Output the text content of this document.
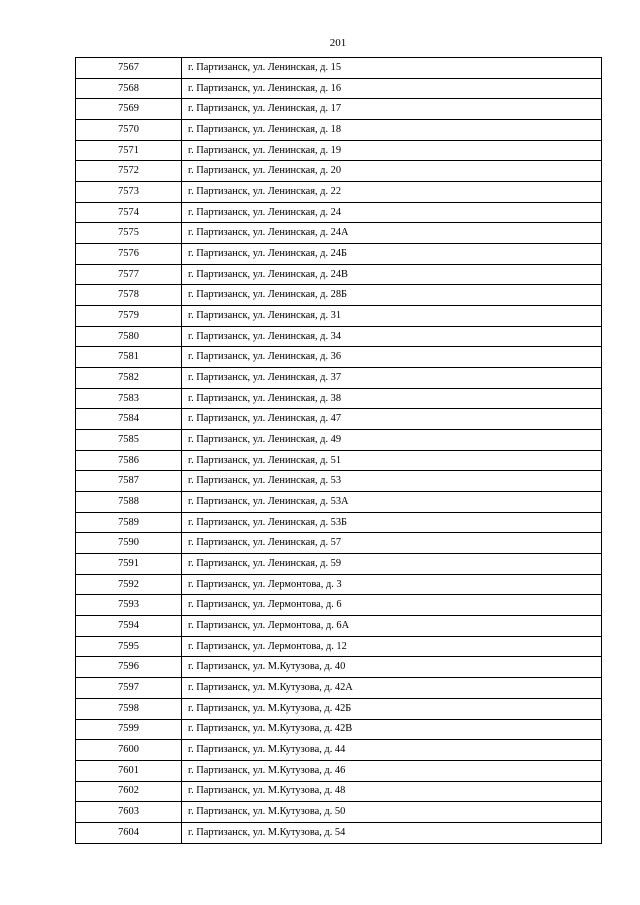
201
7567	г. Партизанск, ул. Ленинская, д. 15
7568	г. Партизанск, ул. Ленинская, д. 16
7569	г. Партизанск, ул. Ленинская, д. 17
7570	г. Партизанск, ул. Ленинская, д. 18
7571	г. Партизанск, ул. Ленинская, д. 19
7572	г. Партизанск, ул. Ленинская, д. 20
7573	г. Партизанск, ул. Ленинская, д. 22
7574	г. Партизанск, ул. Ленинская, д. 24
7575	г. Партизанск, ул. Ленинская, д. 24А
7576	г. Партизанск, ул. Ленинская, д. 24Б
7577	г. Партизанск, ул. Ленинская, д. 24В
7578	г. Партизанск, ул. Ленинская, д. 28Б
7579	г. Партизанск, ул. Ленинская, д. 31
7580	г. Партизанск, ул. Ленинская, д. 34
7581	г. Партизанск, ул. Ленинская, д. 36
7582	г. Партизанск, ул. Ленинская, д. 37
7583	г. Партизанск, ул. Ленинская, д. 38
7584	г. Партизанск, ул. Ленинская, д. 47
7585	г. Партизанск, ул. Ленинская, д. 49
7586	г. Партизанск, ул. Ленинская, д. 51
7587	г. Партизанск, ул. Ленинская, д. 53
7588	г. Партизанск, ул. Ленинская, д. 53А
7589	г. Партизанск, ул. Ленинская, д. 53Б
7590	г. Партизанск, ул. Ленинская, д. 57
7591	г. Партизанск, ул. Ленинская, д. 59
7592	г. Партизанск, ул. Лермонтова, д. 3
7593	г. Партизанск, ул. Лермонтова, д. 6
7594	г. Партизанск, ул. Лермонтова, д. 6А
7595	г. Партизанск, ул. Лермонтова, д. 12
7596	г. Партизанск, ул. М.Кутузова, д. 40
7597	г. Партизанск, ул. М.Кутузова, д. 42А
7598	г. Партизанск, ул. М.Кутузова, д. 42Б
7599	г. Партизанск, ул. М.Кутузова, д. 42В
7600	г. Партизанск, ул. М.Кутузова, д. 44
7601	г. Партизанск, ул. М.Кутузова, д. 46
7602	г. Партизанск, ул. М.Кутузова, д. 48
7603	г. Партизанск, ул. М.Кутузова, д. 50
7604	г. Партизанск, ул. М.Кутузова, д. 54
